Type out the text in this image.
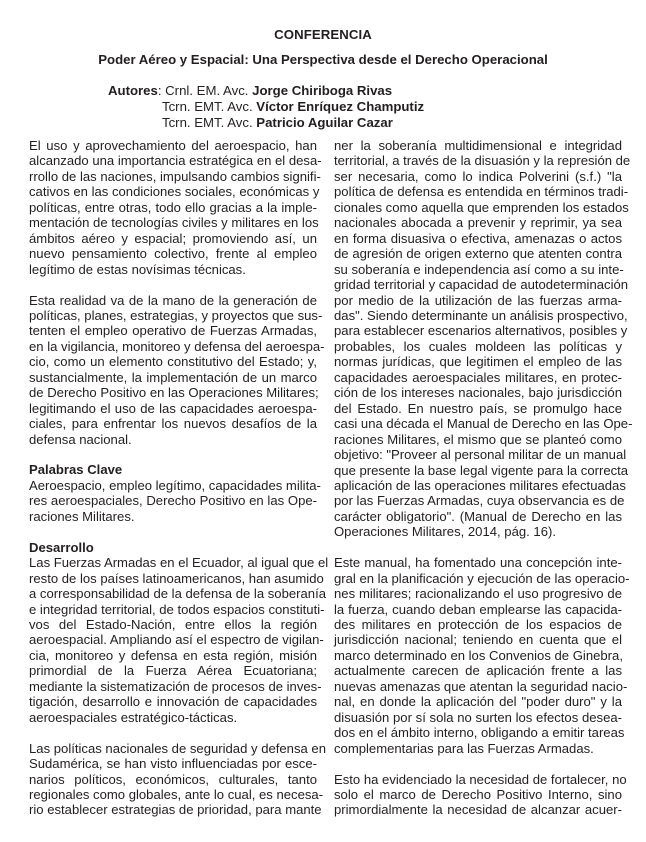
CONFERENCIA
Poder Aéreo y Espacial: Una Perspectiva desde el Derecho Operacional
Autores: Crnl. EM. Avc. Jorge Chiriboga Rivas
Tcrn. EMT. Avc. Víctor Enríquez Champutiz
Tcrn. EMT. Avc. Patricio Aguilar Cazar

El uso y aprovechamiento del aeroespacio, han
alcanzado una importancia estratégica en el desa-
rrollo de las naciones, impulsando cambios signifi-
cativos en las condiciones sociales, económicas y
políticas, entre otras, todo ello gracias a la imple-
mentación de tecnologías civiles y militares en los
ámbitos aéreo y espacial; promoviendo así, un
nuevo pensamiento colectivo, frente al empleo
legítimo de estas novísimas técnicas.

Esta realidad va de la mano de la generación de
políticas, planes, estrategias, y proyectos que sus-
tenten el empleo operativo de Fuerzas Armadas,
en la vigilancia, monitoreo y defensa del aeroespa-
cio, como un elemento constitutivo del Estado; y,
sustancialmente, la implementación de un marco
de Derecho Positivo en las Operaciones Militares;
legitimando el uso de las capacidades aeroespa-
ciales, para enfrentar los nuevos desafíos de la
defensa nacional.

Palabras Clave

Aeroespacio, empleo legítimo, capacidades milita-
res aeroespaciales, Derecho Positivo en las Ope-
raciones Militares.

Desarrollo

Las Fuerzas Armadas en el Ecuador, al igual que el
resto de los países latinoamericanos, han asumido
a corresponsabilidad de la defensa de la soberanía
e integridad territorial, de todos espacios constituti-
vos del Estado-Nación, entre ellos la región
aeroespacial. Ampliando así el espectro de vigilan-
cia, monitoreo y defensa en esta región, misión
primordial de la Fuerza Aérea Ecuatoriana;
mediante la sistematización de procesos de inves-
tigación, desarrollo e innovación de capacidades
aeroespaciales estratégico-tácticas.

Las políticas nacionales de seguridad y defensa en
Sudamérica, se han visto influenciadas por esce-
narios políticos, económicos, culturales, tanto
regionales como globales, ante lo cual, es necesa-
rio establecer estrategias de prioridad, para mante

ner la soberanía multidimensional e integridad
territorial, a través de la disuasión y la represión de
ser necesaria, como lo indica Polverini (s.f.) "la
política de defensa es entendida en términos tradi-
cionales como aquella que emprenden los estados
nacionales abocada a prevenir y reprimir, ya sea
en forma disuasiva o efectiva, amenazas o actos
de agresión de origen externo que atenten contra
su soberanía e independencia así como a su inte-
gridad territorial y capacidad de autodeterminación
por medio de la utilización de las fuerzas arma-
das". Siendo determinante un análisis prospectivo,
para establecer escenarios alternativos, posibles y
probables, los cuales moldeen las políticas y
normas jurídicas, que legitimen el empleo de las
capacidades aeroespaciales militares, en protec-
ción de los intereses nacionales, bajo jurisdicción
del Estado. En nuestro país, se promulgo hace
casi una década el Manual de Derecho en las Ope-
raciones Militares, el mismo que se planteó como
objetivo: "Proveer al personal militar de un manual
que presente la base legal vigente para la correcta
aplicación de las operaciones militares efectuadas
por las Fuerzas Armadas, cuya observancia es de
carácter obligatorio". (Manual de Derecho en las
Operaciones Militares, 2014, pág. 16).

Este manual, ha fomentado una concepción inte-
gral en la planificación y ejecución de las operacio-
nes militares; racionalizando el uso progresivo de
la fuerza, cuando deban emplearse las capacida-
des militares en protección de los espacios de
jurisdicción nacional; teniendo en cuenta que el
marco determinado en los Convenios de Ginebra,
actualmente carecen de aplicación frente a las
nuevas amenazas que atentan la seguridad nacio-
nal, en donde la aplicación del "poder duro" y la
disuasión por sí sola no surten los efectos desea-
dos en el ámbito interno, obligando a emitir tareas
complementarias para las Fuerzas Armadas.

Esto ha evidenciado la necesidad de fortalecer, no
solo el marco de Derecho Positivo Interno, sino
primordialmente la necesidad de alcanzar acuer-
